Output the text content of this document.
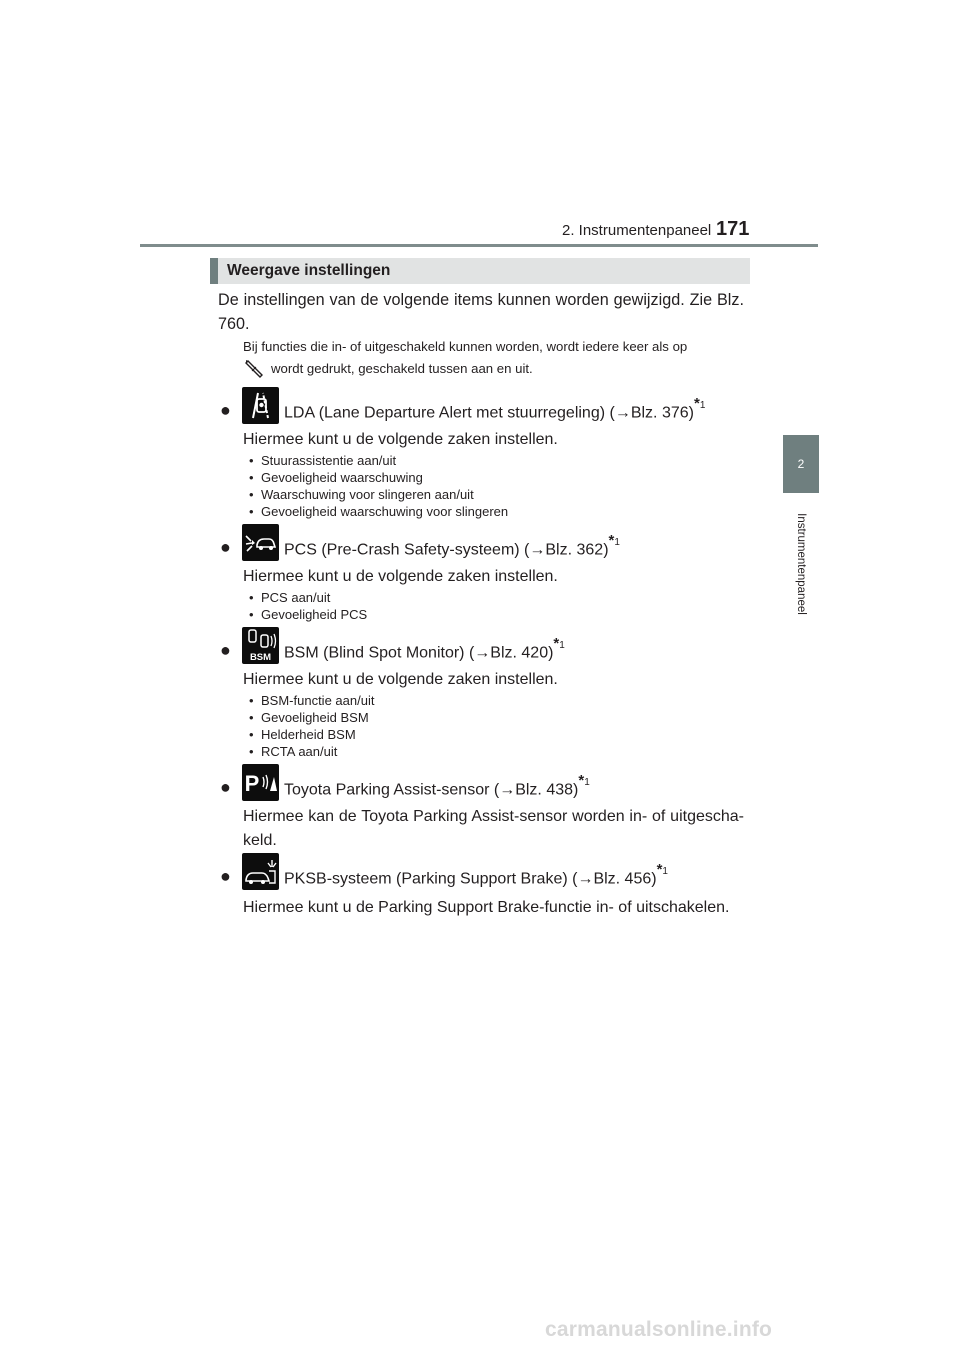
2. Instrumentenpaneel 171
2
Instrumentenpaneel
Weergave instellingen
De instellingen van de volgende items kunnen worden gewijzigd. Zie Blz. 760.
Bij functies die in- of uitgeschakeld kunnen worden, wordt iedere keer als op
wordt gedrukt, geschakeld tussen aan en uit.
●	LDA (Lane Departure Alert met stuurregeling) (→Blz. 376)$^{*1}$
Hiermee kunt u de volgende zaken instellen.
• Stuurassistentie aan/uit
• Gevoeligheid waarschuwing
• Waarschuwing voor slingeren aan/uit
• Gevoeligheid waarschuwing voor slingeren
●	PCS (Pre-Crash Safety-systeem) (→Blz. 362)$^{*1}$
Hiermee kunt u de volgende zaken instellen.
• PCS aan/uit
• Gevoeligheid PCS
● BSM BSM (Blind Spot Monitor) (→Blz. 420)$^{*1}$
Hiermee kunt u de volgende zaken instellen.
• BSM-functie aan/uit
• Gevoeligheid BSM
• Helderheid BSM
• RCTA aan/uit
● P Toyota Parking Assist-sensor (→Blz. 438)$^{*1}$
Hiermee kan de Toyota Parking Assist-sensor worden in- of uitgescha-keld.
●	PKSB-systeem (Parking Support Brake) (→Blz. 456)$^{*1}$
Hiermee kunt u de Parking Support Brake-functie in- of uitschakelen.
carmanualsonline.info
